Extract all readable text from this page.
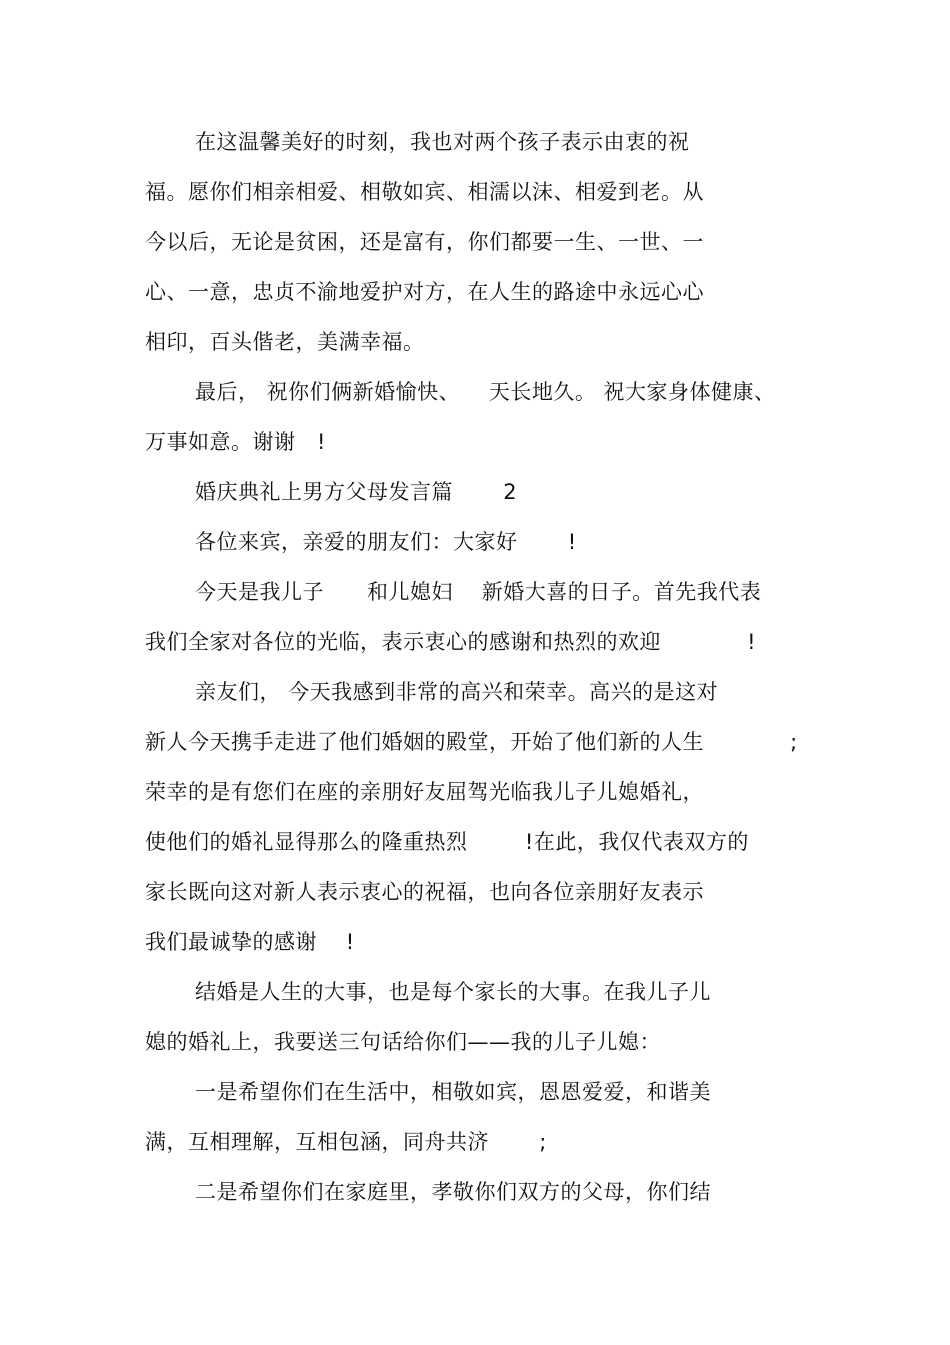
在这温馨美好的时刻，我也对两个孩子表示由衷的祝
福。愿你们相亲相爱、相敬如宾、相濡以沫、相爱到老。从
今以后，无论是贫困，还是富有，你们都要一生、一世、一
心、一意，忠贞不渝地爱护对方，在人生的路途中永远心心
相印，百头偕老，美满幸福。
最后， 祝你们俩新婚愉快、    天长地久。 祝大家身体健康、
万事如意。谢谢   !
婚庆典礼上男方父母发言篇       2
各位来宾，亲爱的朋友们：大家好       !
今天是我儿子      和儿媳妇    新婚大喜的日子。首先我代表
我们全家对各位的光临，表示衷心的感谢和热烈的欢迎            !
亲友们， 今天我感到非常的高兴和荣幸。高兴的是这对
新人今天携手走进了他们婚姻的殿堂，开始了他们新的人生            ;
荣幸的是有您们在座的亲朋好友屈驾光临我儿子儿媳婚礼，
使他们的婚礼显得那么的隆重热烈        !在此，我仅代表双方的
家长既向这对新人表示衷心的祝福，也向各位亲朋好友表示
我们最诚挚的感谢    !
结婚是人生的大事，也是每个家长的大事。在我儿子儿
媳的婚礼上，我要送三句话给你们——我的儿子儿媳：
一是希望你们在生活中，相敬如宾，恩恩爱爱，和谐美
满，互相理解，互相包涵，同舟共济       ;
二是希望你们在家庭里，孝敬你们双方的父母，你们结
